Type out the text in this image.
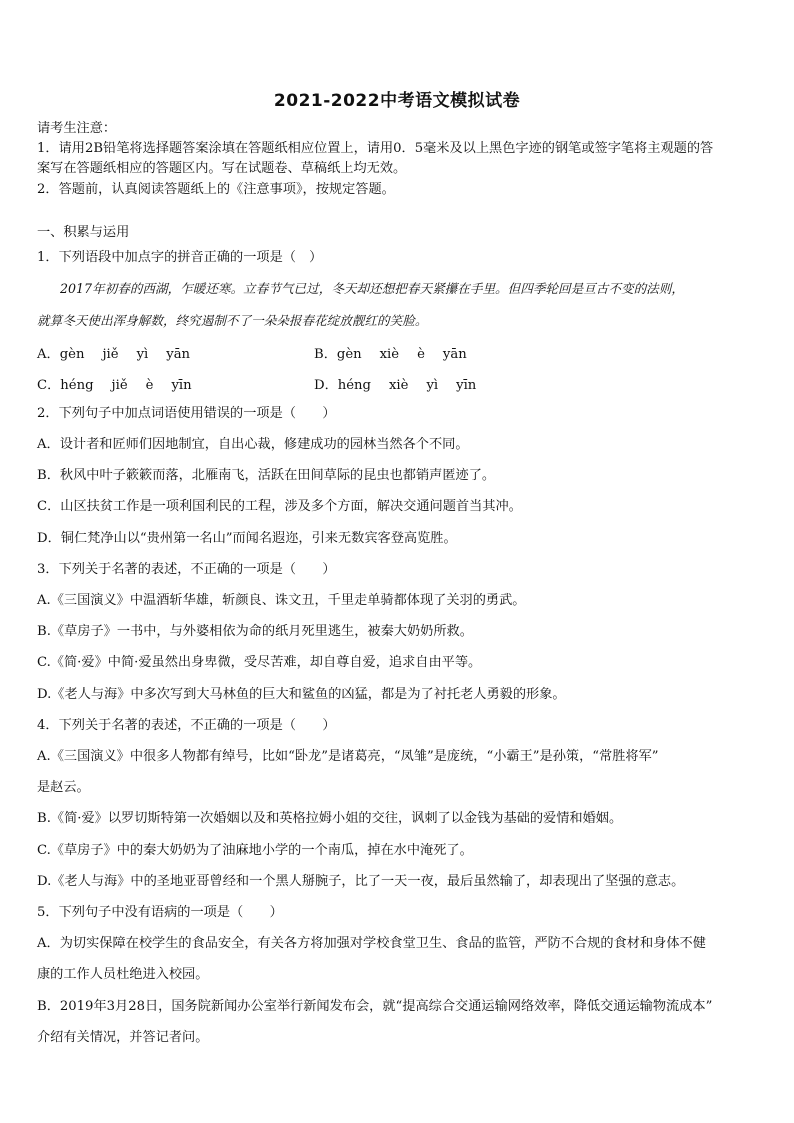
2021-2022中考语文模拟试卷
请考生注意：
1．请用2B铅笔将选择题答案涂填在答题纸相应位置上，请用0．5毫米及以上黑色字迹的钢笔或签字笔将主观题的答
案写在答题纸相应的答题区内。写在试题卷、草稿纸上均无效。
2．答题前，认真阅读答题纸上的《注意事项》，按规定答题。
一、积累与运用
1．下列语段中加点字的拼音正确的一项是（　）
2017年初春的西湖，乍暖还寒。立春节气已过，冬天却还想把春天紧攥在手里。但四季轮回是亘古不变的法则，
就算冬天使出浑身解数，终究遏制不了一朵朵报春花绽放靓红的笑脸。
A．gèn jiě yì yān	B．gèn xiè è yān
C．héng jiě è yīn	D．héng xiè yì yīn
2．下列句子中加点词语使用错误的一项是（　　）
A．设计者和匠师们因地制宜，自出心裁，修建成功的园林当然各个不同。
B．秋风中叶子簌簌而落，北雁南飞，活跃在田间草际的昆虫也都销声匿迹了。
C．山区扶贫工作是一项利国利民的工程，涉及多个方面，解决交通问题首当其冲。
D．铜仁梵净山以“贵州第一名山”而闻名遐迩，引来无数宾客登高览胜。
3．下列关于名著的表述，不正确的一项是（　　）
A.《三国演义》中温酒斩华雄，斩颜良、诛文丑，千里走单骑都体现了关羽的勇武。
B.《草房子》一书中，与外婆相依为命的纸月死里逃生，被秦大奶奶所救。
C.《简·爱》中简·爱虽然出身卑微，受尽苦难，却自尊自爱，追求自由平等。
D.《老人与海》中多次写到大马林鱼的巨大和鲨鱼的凶猛，都是为了衬托老人勇毅的形象。
4．下列关于名著的表述，不正确的一项是（　　）
A.《三国演义》中很多人物都有绰号，比如“卧龙”是诸葛亮，“凤雏”是庞统，“小霸王”是孙策，“常胜将军”
是赵云。
B.《简·爱》以罗切斯特第一次婚姻以及和英格拉姆小姐的交往，讽刺了以金钱为基础的爱情和婚姻。
C.《草房子》中的秦大奶奶为了油麻地小学的一个南瓜，掉在水中淹死了。
D.《老人与海》中的圣地亚哥曾经和一个黑人掰腕子，比了一天一夜，最后虽然输了，却表现出了坚强的意志。
5．下列句子中没有语病的一项是（　　）
A．为切实保障在校学生的食品安全，有关各方将加强对学校食堂卫生、食品的监管，严防不合规的食材和身体不健
康的工作人员杜绝进入校园。
B．2019年3月28日，国务院新闻办公室举行新闻发布会，就“提高综合交通运输网络效率，降低交通运输物流成本”
介绍有关情况，并答记者问。
